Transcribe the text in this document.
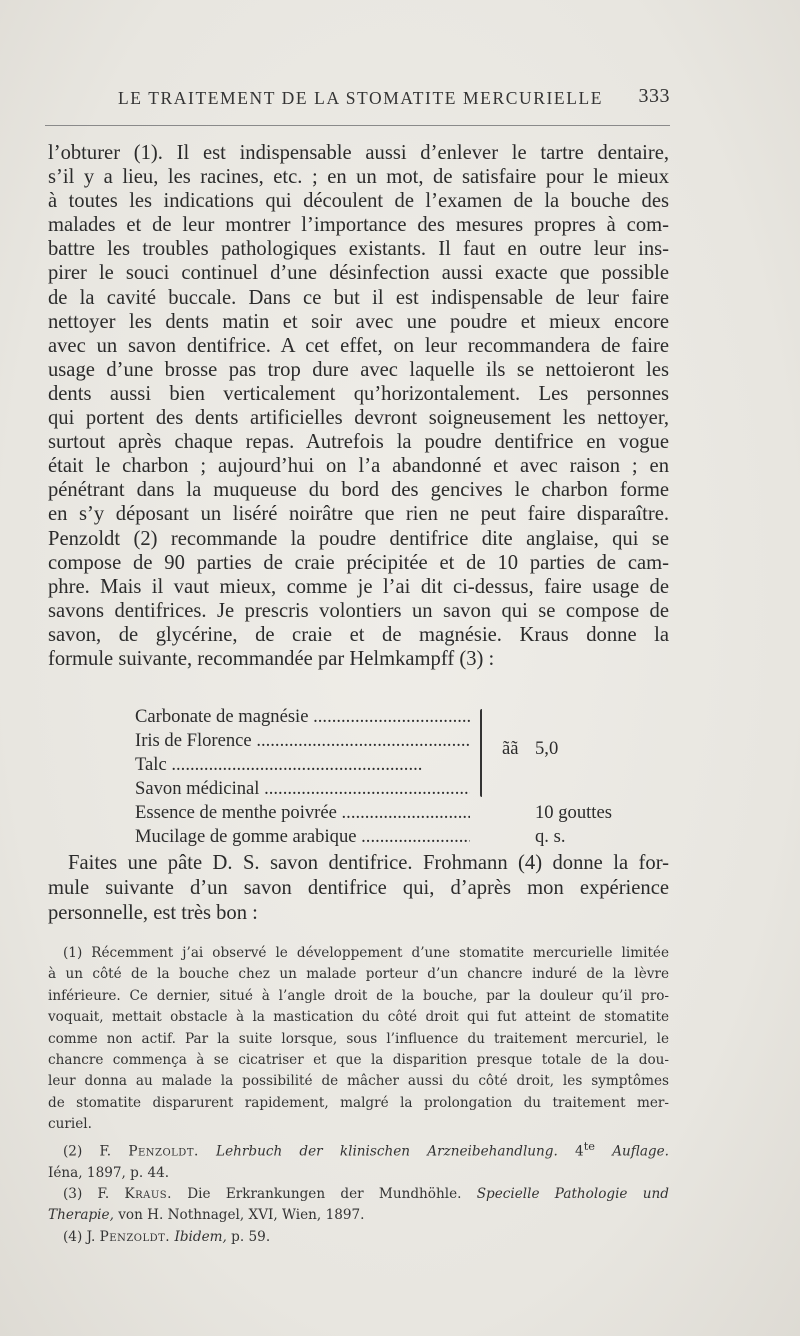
LE TRAITEMENT DE LA STOMATITE MERCURIELLE 333
l’obturer (1). Il est indispensable aussi d’enlever le tartre dentaire,
s’il y a lieu, les racines, etc. ; en un mot, de satisfaire pour le mieux
à toutes les indications qui découlent de l’examen de la bouche des
malades et de leur montrer l’importance des mesures propres à com-
battre les troubles pathologiques existants. Il faut en outre leur ins-
pirer le souci continuel d’une désinfection aussi exacte que possible
de la cavité buccale. Dans ce but il est indispensable de leur faire
nettoyer les dents matin et soir avec une poudre et mieux encore
avec un savon dentifrice. A cet effet, on leur recommandera de faire
usage d’une brosse pas trop dure avec laquelle ils se nettoieront les
dents aussi bien verticalement qu’horizontalement. Les personnes
qui portent des dents artificielles devront soigneusement les nettoyer,
surtout après chaque repas. Autrefois la poudre dentifrice en vogue
était le charbon ; aujourd’hui on l’a abandonné et avec raison ; en
pénétrant dans la muqueuse du bord des gencives le charbon forme
en s’y déposant un liséré noirâtre que rien ne peut faire disparaître.
Penzoldt (2) recommande la poudre dentifrice dite anglaise, qui se
compose de 90 parties de craie précipitée et de 10 parties de cam-
phre. Mais il vaut mieux, comme je l’ai dit ci-dessus, faire usage de
savons dentifrices. Je prescris volontiers un savon qui se compose de
savon, de glycérine, de craie et de magnésie. Kraus donne la
formule suivante, recommandée par Helmkampff (3) :
Carbonate de magnésie .....
Iris de Florence .....
Talc .....
Savon médicinal .....
Essence de menthe poivrée .....	10 gouttes
Mucilage de gomme arabique .....	q. s.
ãã 5,0
Faites une pâte D. S. savon dentifrice. Frohmann (4) donne la for-
mule suivante d’un savon dentifrice qui, d’après mon expérience
personnelle, est très bon :
(1) Récemment j’ai observé le développement d’une stomatite mercurielle limitée
à un côté de la bouche chez un malade porteur d’un chancre induré de la lèvre
inférieure. Ce dernier, situé à l’angle droit de la bouche, par la douleur qu’il pro-
voquait, mettait obstacle à la mastication du côté droit qui fut atteint de stomatite
comme non actif. Par la suite lorsque, sous l’influence du traitement mercuriel, le
chancre commença à se cicatriser et que la disparition presque totale de la dou-
leur donna au malade la possibilité de mâcher aussi du côté droit, les symptômes
de stomatite disparurent rapidement, malgré la prolongation du traitement mer-
curiel.
(2) F. Penzoldt. Lehrbuch der klinischen Arzneibehandlung. $4^{te}$ Auflage.
Iéna, 1897, p. 44.
(3) F. Kraus. Die Erkrankungen der Mundhöhle. Specielle Pathologie und
Therapie, von H. Nothnagel, XVI, Wien, 1897.
(4) J. Penzoldt. Ibidem, p. 59.
